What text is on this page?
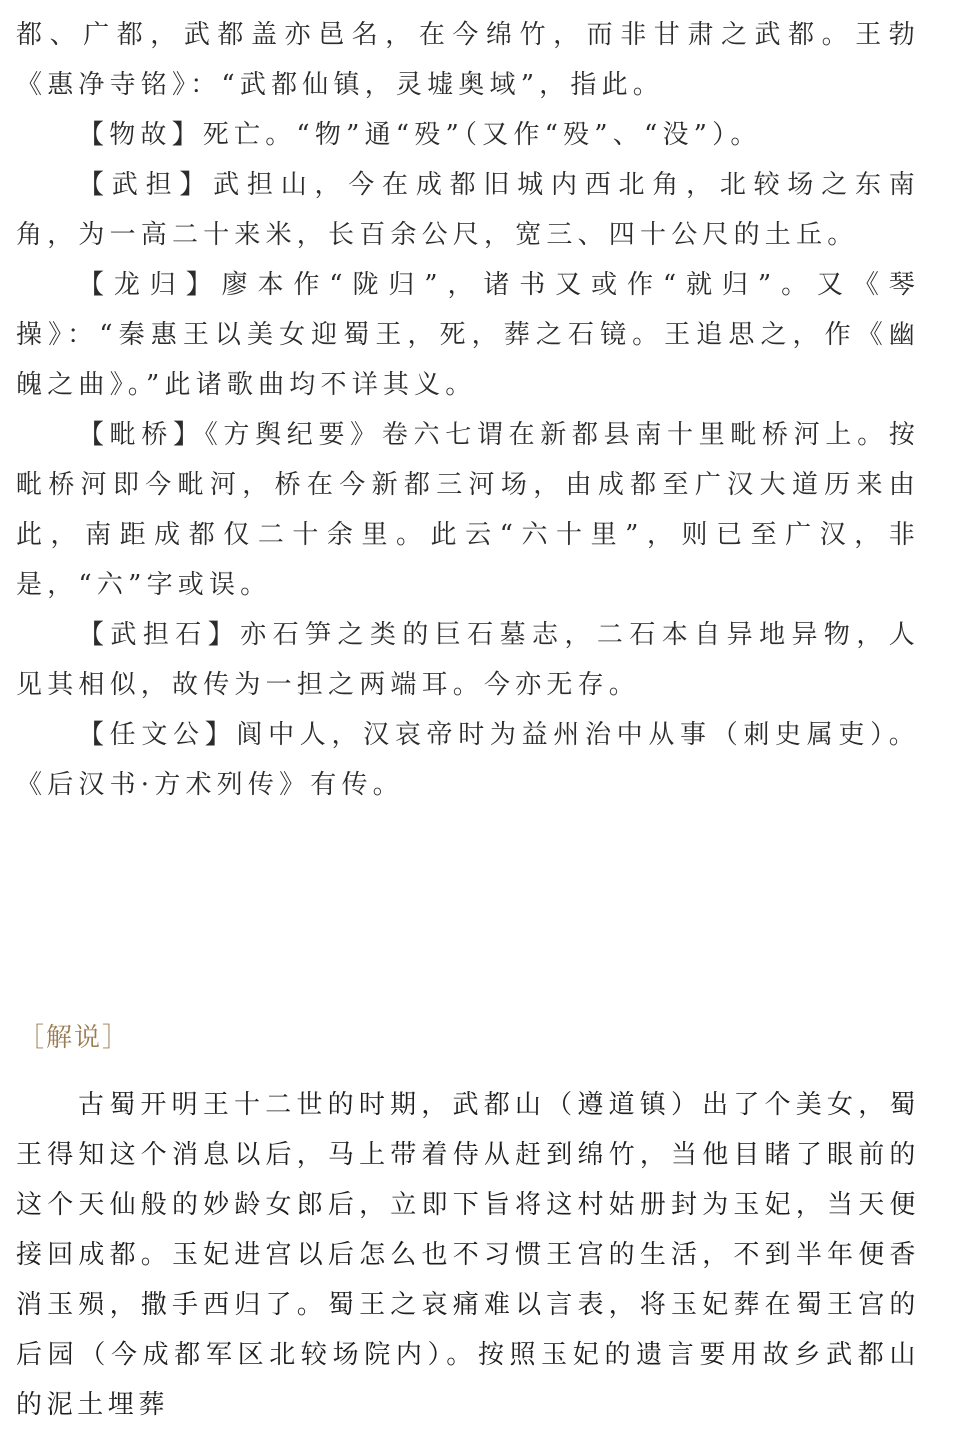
都、广都，武都盖亦邑名，在今绵竹，而非甘肃之武都。王勃《惠净寺铭》：“武都仙镇，灵墟奥域”，指此。

【物故】死亡。“物”通“殁”（又作“殁”、“没”）。

【武担】武担山，今在成都旧城内西北角，北较场之东南角，为一高二十来米，长百余公尺，宽三、四十公尺的土丘。

【龙归】廖本作“陇归”，诸书又或作“就归”。又《琴操》：“秦惠王以美女迎蜀王，死，葬之石镜。王追思之，作《幽魄之曲》。”此诸歌曲均不详其义。

【毗桥】《方舆纪要》卷六七谓在新都县南十里毗桥河上。按毗桥河即今毗河，桥在今新都三河场，由成都至广汉大道历来由此，南距成都仅二十余里。此云“六十里”，则已至广汉，非是，“六”字或误。

【武担石】亦石笋之类的巨石墓志，二石本自异地异物，人见其相似，故传为一担之两端耳。今亦无存。

【任文公】阆中人，汉哀帝时为益州治中从事（刺史属吏）。《后汉书·方术列传》有传。

［解说］

古蜀开明王十二世的时期，武都山（遵道镇）出了个美女，蜀王得知这个消息以后，马上带着侍从赶到绵竹，当他目睹了眼前的这个天仙般的妙龄女郎后，立即下旨将这村姑册封为玉妃，当天便接回成都。玉妃进宫以后怎么也不习惯王宫的生活，不到半年便香消玉殒，撒手西归了。蜀王之哀痛难以言表，将玉妃葬在蜀王宫的后园（今成都军区北较场院内）。按照玉妃的遗言要用故乡武都山的泥土埋葬
